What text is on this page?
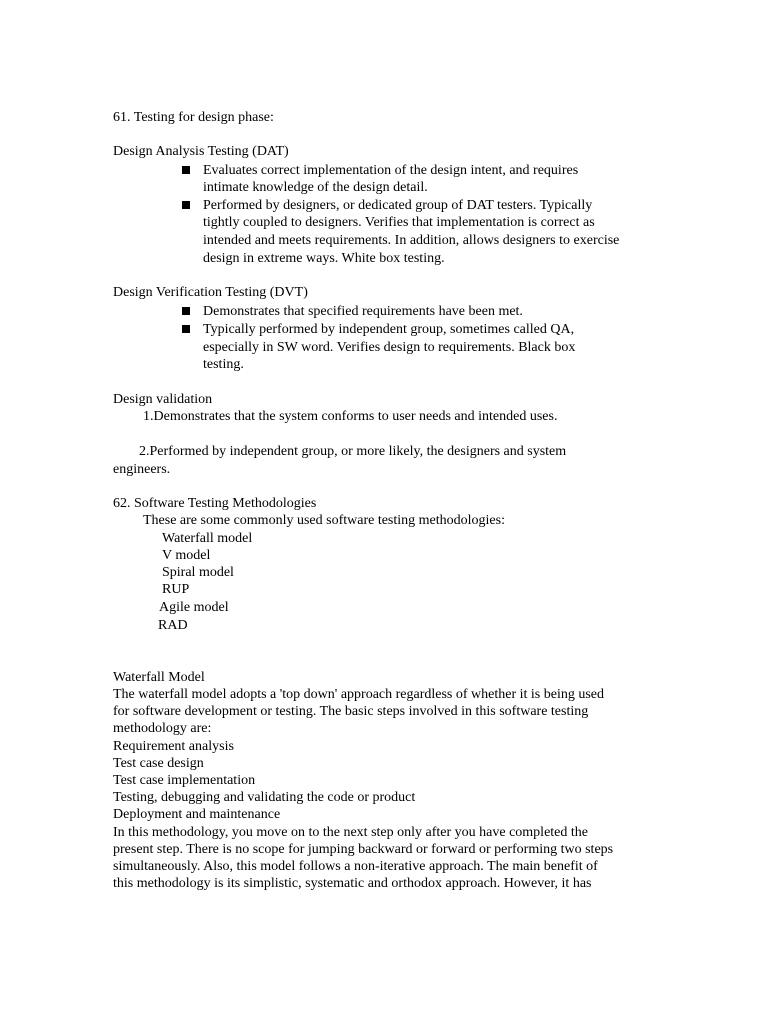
61. Testing for design phase:
Design Analysis Testing (DAT)
Evaluates correct implementation of the design intent, and requires
intimate knowledge of the design detail.
Performed by designers, or dedicated group of DAT testers. Typically
tightly coupled to designers. Verifies that implementation is correct as
intended and meets requirements. In addition, allows designers to exercise
design in extreme ways. White box testing.
Design Verification Testing (DVT)
Demonstrates that specified requirements have been met.
Typically performed by independent group, sometimes called QA,
especially in SW word. Verifies design to requirements. Black box
testing.
Design validation
1.Demonstrates that the system conforms to user needs and intended uses.
2.Performed by independent group, or more likely, the designers and system
engineers.
62. Software Testing Methodologies
These are some commonly used software testing methodologies:
Waterfall model
V model
Spiral model
RUP
Agile model
RAD
Waterfall Model
The waterfall model adopts a 'top down' approach regardless of whether it is being used
for software development or testing. The basic steps involved in this software testing
methodology are:
Requirement analysis
Test case design
Test case implementation
Testing, debugging and validating the code or product
Deployment and maintenance
In this methodology, you move on to the next step only after you have completed the
present step. There is no scope for jumping backward or forward or performing two steps
simultaneously. Also, this model follows a non-iterative approach. The main benefit of
this methodology is its simplistic, systematic and orthodox approach. However, it has
